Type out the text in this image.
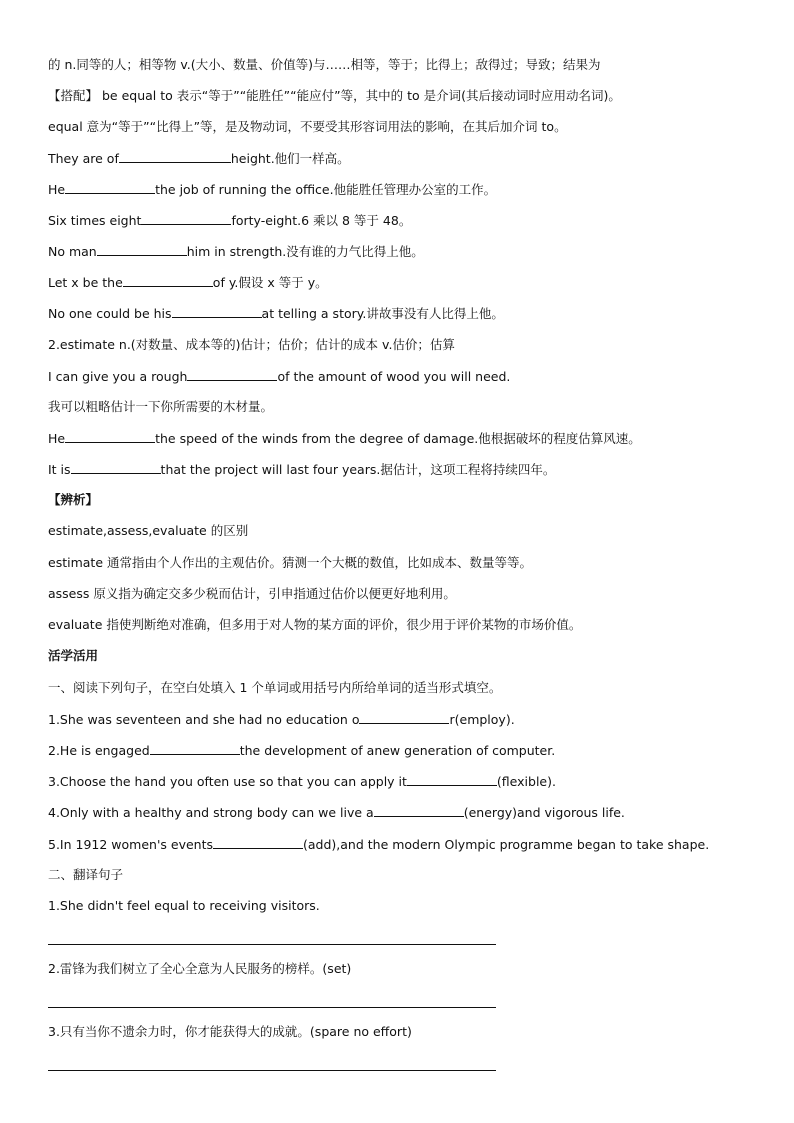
的 n.同等的人；相等物 v.(大小、数量、价值等)与……相等，等于；比得上；敌得过；导致；结果为
【搭配】 be equal to 表示“等于”“能胜任”“能应付”等，其中的 to 是介词(其后接动词时应用动名词)。
equal 意为“等于”“比得上”等，是及物动词，不要受其形容词用法的影响，在其后加介词 to。
They are of	height.他们一样高。
He	the job of running the office.他能胜任管理办公室的工作。
Six times eight	forty-eight.6 乘以 8 等于 48。
No man	him in strength.没有谁的力气比得上他。
Let x be the	of y.假设 x 等于 y。
No one could be his	at telling a story.讲故事没有人比得上他。
2.estimate n.(对数量、成本等的)估计；估价；估计的成本 v.估价；估算
I can give you a rough	of the amount of wood you will need.
我可以粗略估计一下你所需要的木材量。
He	the speed of the winds from the degree of damage.他根据破坏的程度估算风速。
It is	that the project will last four years.据估计，这项工程将持续四年。
【辨析】
estimate,assess,evaluate 的区别
estimate 通常指由个人作出的主观估价。猜测一个大概的数值，比如成本、数量等等。
assess 原义指为确定交多少税而估计，引申指通过估价以便更好地利用。
evaluate 指使判断绝对准确，但多用于对人物的某方面的评价，很少用于评价某物的市场价值。
活学活用
一、阅读下列句子，在空白处填入 1 个单词或用括号内所给单词的适当形式填空。
1.She was seventeen and she had no education o	r(employ).
2.He is engaged	the development of anew generation of computer.
3.Choose the hand you often use so that you can apply it	(flexible).
4.Only with a healthy and strong body can we live a	(energy)and vigorous life.
5.In 1912 women's events	(add),and the modern Olympic programme began to take shape.
二、翻译句子
1.She didn't feel equal to receiving visitors.
2.雷锋为我们树立了全心全意为人民服务的榜样。(set)
3.只有当你不遗余力时，你才能获得大的成就。(spare no effort)
